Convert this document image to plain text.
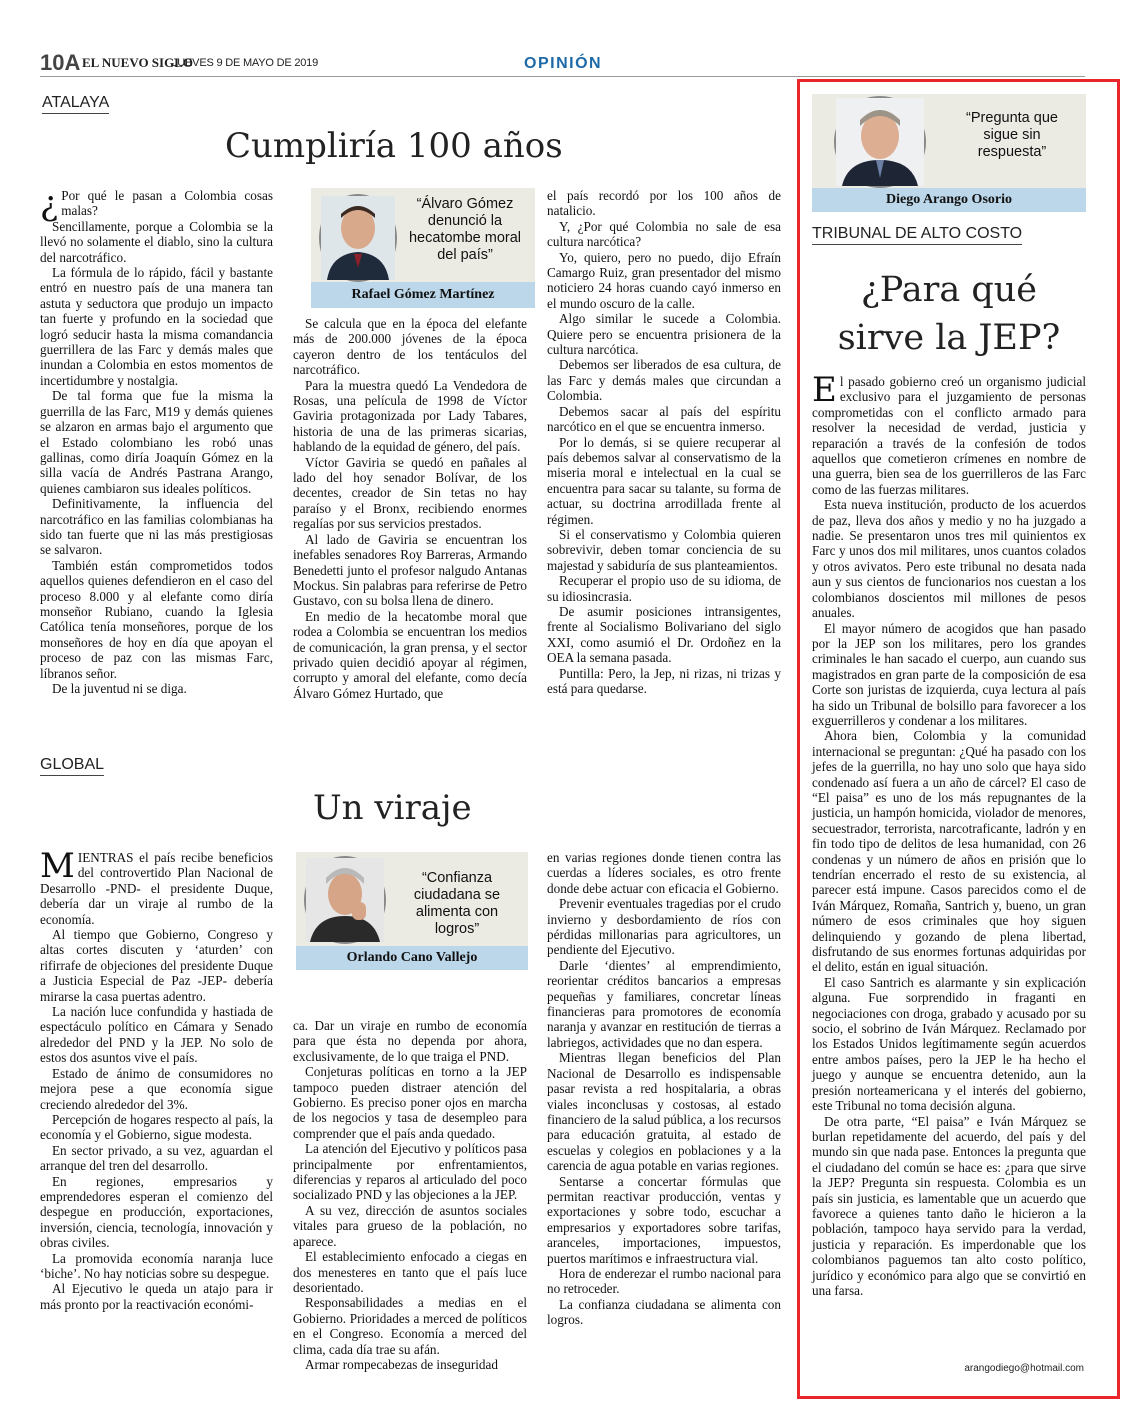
10A EL NUEVO SIGLO
JUEVES 9 DE MAYO DE 2019	OPINIÓN
ATALAYA
Cumpliría 100 años

¿ Por qué le pasan a Colombia cosas malas?

Sencillamente, porque a Colombia se la llevó no solamente el diablo, sino la cultura del narcotráfico.

La fórmula de lo rápido, fácil y bastante entró en nuestro país de una manera tan astuta y seductora que produjo un impacto tan fuerte y profundo en la sociedad que logró seducir hasta la misma comandancia guerrillera de las Farc y demás males que inundan a Colombia en estos momentos de incertidumbre y nostalgia.

De tal forma que fue la misma la guerrilla de las Farc, M19 y demás quienes se alzaron en armas bajo el argumento que el Estado colombiano les robó unas gallinas, como diría Joaquín Gómez en la silla vacía de Andrés Pastrana Arango, quienes cambiaron sus ideales políticos.

Definitivamente, la influencia del narcotráfico en las familias colombianas ha sido tan fuerte que ni las más prestigiosas se salvaron.

También están comprometidos todos aquellos quienes defendieron en el caso del proceso 8.000 y al elefante como diría monseñor Rubiano, cuando la Iglesia Católica tenía monseñores, porque de los monseñores de hoy en día que apoyan el proceso de paz con las mismas Farc, líbranos señor.

De la juventud ni se diga.

“Álvaro Gómez denunció la hecatombe moral del país”
Rafael Gómez Martínez

Se calcula que en la época del elefante más de 200.000 jóvenes de la época cayeron dentro de los tentáculos del narcotráfico.

Para la muestra quedó La Vendedora de Rosas, una película de 1998 de Víctor Gaviria protagonizada por Lady Tabares, historia de una de las primeras sicarias, hablando de la equidad de género, del país.

Víctor Gaviria se quedó en pañales al lado del hoy senador Bolívar, de los decentes, creador de Sin tetas no hay paraíso y el Bronx, recibiendo enormes regalías por sus servicios prestados.

Al lado de Gaviria se encuentran los inefables senadores Roy Barreras, Armando Benedetti junto el profesor nalgudo Antanas Mockus. Sin palabras para referirse de Petro Gustavo, con su bolsa llena de dinero.

En medio de la hecatombe moral que rodea a Colombia se encuentran los medios de comunicación, la gran prensa, y el sector privado quien decidió apoyar al régimen, corrupto y amoral del elefante, como decía Álvaro Gómez Hurtado, que

el país recordó por los 100 años de natalicio.

Y, ¿Por qué Colombia no sale de esa cultura narcótica?

Yo, quiero, pero no puedo, dijo Efraín Camargo Ruiz, gran presentador del mismo noticiero 24 horas cuando cayó inmerso en el mundo oscuro de la calle.

Algo similar le sucede a Colombia. Quiere pero se encuentra prisionera de la cultura narcótica.

Debemos ser liberados de esa cultura, de las Farc y demás males que circundan a Colombia.

Debemos sacar al país del espíritu narcótico en el que se encuentra inmerso.

Por lo demás, si se quiere recuperar al país debemos salvar al conservatismo de la miseria moral e intelectual en la cual se encuentra para sacar su talante, su forma de actuar, su doctrina arrodillada frente al régimen.

Si el conservatismo y Colombia quieren sobrevivir, deben tomar conciencia de su majestad y sabiduría de sus planteamientos.

Recuperar el propio uso de su idioma, de su idiosincrasia.

De asumir posiciones intransigentes, frente al Socialismo Bolivariano del siglo XXI, como asumió el Dr. Ordoñez en la OEA la semana pasada.

Puntilla: Pero, la Jep, ni rizas, ni trizas y está para quedarse.

GLOBAL
Un viraje

MIENTRAS el país recibe beneficios del controvertido Plan Nacional de Desarrollo -PND- el presidente Duque, debería dar un viraje al rumbo de la economía.

Al tiempo que Gobierno, Congreso y altas cortes discuten y ‘aturden’ con rifirrafe de objeciones del presidente Duque a Justicia Especial de Paz -JEP- debería mirarse la casa puertas adentro.

La nación luce confundida y hastiada de espectáculo político en Cámara y Senado alrededor del PND y la JEP. No solo de estos dos asuntos vive el país.

Estado de ánimo de consumidores no mejora pese a que economía sigue creciendo alrededor del 3%.

Percepción de hogares respecto al país, la economía y el Gobierno, sigue modesta.

En sector privado, a su vez, aguardan el arranque del tren del desarrollo.

En regiones, empresarios y emprendedores esperan el comienzo del despegue en producción, exportaciones, inversión, ciencia, tecnología, innovación y obras civiles.

La promovida economía naranja luce ‘biche’. No hay noticias sobre su despegue.

Al Ejecutivo le queda un atajo para ir más pronto por la reactivación económi-

“Confianza ciudadana se alimenta con logros”
Orlando Cano Vallejo

ca. Dar un viraje en rumbo de economía para que ésta no dependa por ahora, exclusivamente, de lo que traiga el PND.

Conjeturas políticas en torno a la JEP tampoco pueden distraer atención del Gobierno. Es preciso poner ojos en marcha de los negocios y tasa de desempleo para comprender que el país anda quedado.

La atención del Ejecutivo y políticos pasa principalmente por enfrentamientos, diferencias y reparos al articulado del poco socializado PND y las objeciones a la JEP.

A su vez, dirección de asuntos sociales vitales para grueso de la población, no aparece.

El establecimiento enfocado a ciegas en dos menesteres en tanto que el país luce desorientado.

Responsabilidades a medias en el Gobierno. Prioridades a merced de políticos en el Congreso. Economía a merced del clima, cada día trae su afán.

Armar rompecabezas de inseguridad

en varias regiones donde tienen contra las cuerdas a líderes sociales, es otro frente donde debe actuar con eficacia el Gobierno.

Prevenir eventuales tragedias por el crudo invierno y desbordamiento de ríos con pérdidas millonarias para agricultores, un pendiente del Ejecutivo.

Darle ‘dientes’ al emprendimiento, reorientar créditos bancarios a empresas pequeñas y familiares, concretar líneas financieras para promotores de economía naranja y avanzar en restitución de tierras a labriegos, actividades que no dan espera.

Mientras llegan beneficios del Plan Nacional de Desarrollo es indispensable pasar revista a red hospitalaria, a obras viales inconclusas y costosas, al estado financiero de la salud pública, a los recursos para educación gratuita, al estado de escuelas y colegios en poblaciones y a la carencia de agua potable en varias regiones.

Sentarse a concertar fórmulas que permitan reactivar producción, ventas y exportaciones y sobre todo, escuchar a empresarios y exportadores sobre tarifas, aranceles, importaciones, impuestos, puertos marítimos e infraestructura vial.

Hora de enderezar el rumbo nacional para no retroceder.

La confianza ciudadana se alimenta con logros.

“Pregunta que sigue sin respuesta”
Diego Arango Osorio
TRIBUNAL DE ALTO COSTO
¿Para qué
sirve la JEP?

El pasado gobierno creó un organismo judicial exclusivo para el juzgamiento de personas comprometidas con el conflicto armado para resolver la necesidad de verdad, justicia y reparación a través de la confesión de todos aquellos que cometieron crímenes en nombre de una guerra, bien sea de los guerrilleros de las Farc como de las fuerzas militares.

Esta nueva institución, producto de los acuerdos de paz, lleva dos años y medio y no ha juzgado a nadie. Se presentaron unos tres mil quinientos ex Farc y unos dos mil militares, unos cuantos colados y otros avivatos. Pero este tribunal no desata nada aun y sus cientos de funcionarios nos cuestan a los colombianos doscientos mil millones de pesos anuales.

El mayor número de acogidos que han pasado por la JEP son los militares, pero los grandes criminales le han sacado el cuerpo, aun cuando sus magistrados en gran parte de la composición de esa Corte son juristas de izquierda, cuya lectura al país ha sido un Tribunal de bolsillo para favorecer a los exguerrilleros y condenar a los militares.

Ahora bien, Colombia y la comunidad internacional se preguntan: ¿Qué ha pasado con los jefes de la guerrilla, no hay uno solo que haya sido condenado así fuera a un año de cárcel? El caso de “El paisa” es uno de los más repugnantes de la justicia, un hampón homicida, violador de menores, secuestrador, terrorista, narcotraficante, ladrón y en fin todo tipo de delitos de lesa humanidad, con 26 condenas y un número de años en prisión que lo tendrían encerrado el resto de su existencia, al parecer está impune. Casos parecidos como el de Iván Márquez, Romaña, Santrich y, bueno, un gran número de esos criminales que hoy siguen delinquiendo y gozando de plena libertad, disfrutando de sus enormes fortunas adquiridas por el delito, están en igual situación.

El caso Santrich es alarmante y sin explicación alguna. Fue sorprendido in fraganti en negociaciones con droga, grabado y acusado por su socio, el sobrino de Iván Márquez. Reclamado por los Estados Unidos legítimamente según acuerdos entre ambos países, pero la JEP le ha hecho el juego y aunque se encuentra detenido, aun la presión norteamericana y el interés del gobierno, este Tribunal no toma decisión alguna.

De otra parte, “El paisa” e Iván Márquez se burlan repetidamente del acuerdo, del país y del mundo sin que nada pase. Entonces la pregunta que el ciudadano del común se hace es: ¿para que sirve la JEP? Pregunta sin respuesta. Colombia es un país sin justicia, es lamentable que un acuerdo que favorece a quienes tanto daño le hicieron a la población, tampoco haya servido para la verdad, justicia y reparación. Es imperdonable que los colombianos paguemos tan alto costo político, jurídico y económico para algo que se convirtió en una farsa.

arangodiego@hotmail.com
